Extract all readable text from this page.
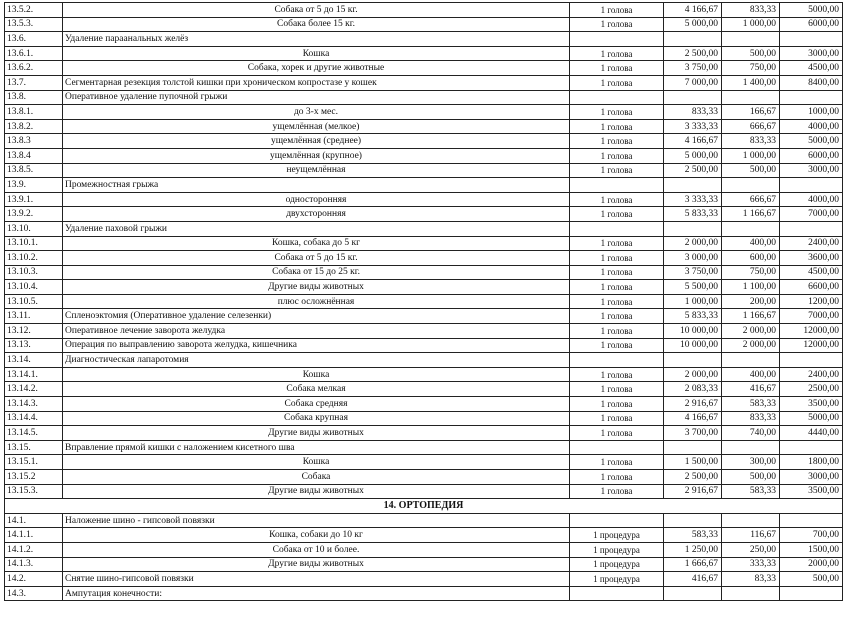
13.5.2.	Собака от 5 до 15 кг.	1 голова	4 166,67	833,33	5000,00
13.5.3.	Собака более 15 кг.	1 голова	5 000,00	1 000,00	6000,00
13.6.	Удаление параанальных желёз				
13.6.1.	Кошка	1 голова	2 500,00	500,00	3000,00
13.6.2.	Собака, хорек и другие животные	1 голова	3 750,00	750,00	4500,00
13.7.	Сегментарная резекция толстой кишки при хроническом копростазе у кошек	1 голова	7 000,00	1 400,00	8400,00
13.8.	Оперативное удаление пупочной грыжи				
13.8.1.	до 3-х мес.	1 голова	833,33	166,67	1000,00
13.8.2.	ущемлённая (мелкое)	1 голова	3 333,33	666,67	4000,00
13.8.3	ущемлённая (среднее)	1 голова	4 166,67	833,33	5000,00
13.8.4	ущемлённая (крупное)	1 голова	5 000,00	1 000,00	6000,00
13.8.5.	неущемлённая	1 голова	2 500,00	500,00	3000,00
13.9.	Промежностная грыжа				
13.9.1.	односторонняя	1 голова	3 333,33	666,67	4000,00
13.9.2.	двухсторонняя	1 голова	5 833,33	1 166,67	7000,00
13.10.	Удаление паховой грыжи				
13.10.1.	Кошка, собака до 5 кг	1 голова	2 000,00	400,00	2400,00
13.10.2.	Собака от 5 до 15 кг.	1 голова	3 000,00	600,00	3600,00
13.10.3.	Собака от 15 до 25 кг.	1 голова	3 750,00	750,00	4500,00
13.10.4.	Другие виды животных	1 голова	5 500,00	1 100,00	6600,00
13.10.5.	плюс осложнённая	1 голова	1 000,00	200,00	1200,00
13.11.	Спленоэктомия (Оперативное удаление селезенки)	1 голова	5 833,33	1 166,67	7000,00
13.12.	Оперативное лечение заворота желудка	1 голова	10 000,00	2 000,00	12000,00
13.13.	Операция по выправлению заворота желудка, кишечника	1 голова	10 000,00	2 000,00	12000,00
13.14.	Диагностическая лапаротомия				
13.14.1.	Кошка	1 голова	2 000,00	400,00	2400,00
13.14.2.	Собака мелкая	1 голова	2 083,33	416,67	2500,00
13.14.3.	Собака средняя	1 голова	2 916,67	583,33	3500,00
13.14.4.	Собака крупная	1 голова	4 166,67	833,33	5000,00
13.14.5.	Другие виды животных	1 голова	3 700,00	740,00	4440,00
13.15.	Вправление прямой кишки с наложением кисетного шва				
13.15.1.	Кошка	1 голова	1 500,00	300,00	1800,00
13.15.2	Собака	1 голова	2 500,00	500,00	3000,00
13.15.3.	Другие виды животных	1 голова	2 916,67	583,33	3500,00
14. ОРТОПЕДИЯ					
14.1.	Наложение шино - гипсовой повязки				
14.1.1.	Кошка, собаки до 10 кг	1 процедура	583,33	116,67	700,00
14.1.2.	Собака от 10 и более.	1 процедура	1 250,00	250,00	1500,00
14.1.3.	Другие виды животных	1 процедура	1 666,67	333,33	2000,00
14.2.	Снятие шино-гипсовой повязки	1 процедура	416,67	83,33	500,00
14.3.	Ампутация конечности:				
